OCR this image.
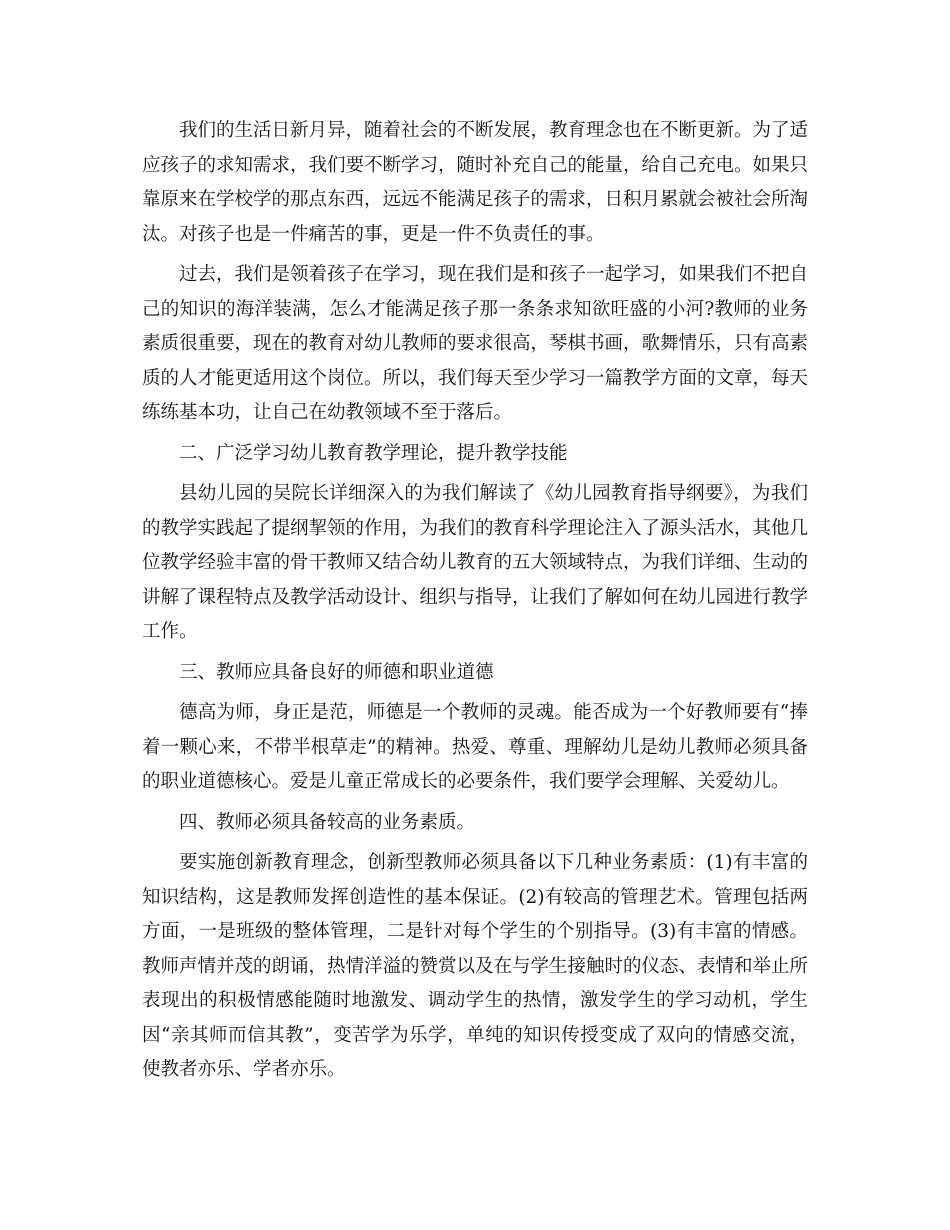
我们的生活日新月异，随着社会的不断发展，教育理念也在不断更新。为了适应孩子的求知需求，我们要不断学习，随时补充自己的能量，给自己充电。如果只靠原来在学校学的那点东西，远远不能满足孩子的需求，日积月累就会被社会所淘汰。对孩子也是一件痛苦的事，更是一件不负责任的事。

过去，我们是领着孩子在学习，现在我们是和孩子一起学习，如果我们不把自己的知识的海洋装满，怎么才能满足孩子那一条条求知欲旺盛的小河?教师的业务素质很重要，现在的教育对幼儿教师的要求很高，琴棋书画，歌舞情乐，只有高素质的人才能更适用这个岗位。所以，我们每天至少学习一篇教学方面的文章，每天练练基本功，让自己在幼教领域不至于落后。

二、广泛学习幼儿教育教学理论，提升教学技能

县幼儿园的吴院长详细深入的为我们解读了《幼儿园教育指导纲要》，为我们的教学实践起了提纲挈领的作用，为我们的教育科学理论注入了源头活水，其他几位教学经验丰富的骨干教师又结合幼儿教育的五大领域特点，为我们详细、生动的讲解了课程特点及教学活动设计、组织与指导，让我们了解如何在幼儿园进行教学工作。

三、教师应具备良好的师德和职业道德

德高为师，身正是范，师德是一个教师的灵魂。能否成为一个好教师要有“捧着一颗心来，不带半根草走”的精神。热爱、尊重、理解幼儿是幼儿教师必须具备的职业道德核心。爱是儿童正常成长的必要条件，我们要学会理解、关爱幼儿。

四、教师必须具备较高的业务素质。

要实施创新教育理念，创新型教师必须具备以下几种业务素质：(1)有丰富的知识结构，这是教师发挥创造性的基本保证。(2)有较高的管理艺术。管理包括两方面，一是班级的整体管理，二是针对每个学生的个别指导。(3)有丰富的情感。教师声情并茂的朗诵，热情洋溢的赞赏以及在与学生接触时的仪态、表情和举止所表现出的积极情感能随时地激发、调动学生的热情，激发学生的学习动机，学生因“亲其师而信其教”，变苦学为乐学，单纯的知识传授变成了双向的情感交流，使教者亦乐、学者亦乐。
